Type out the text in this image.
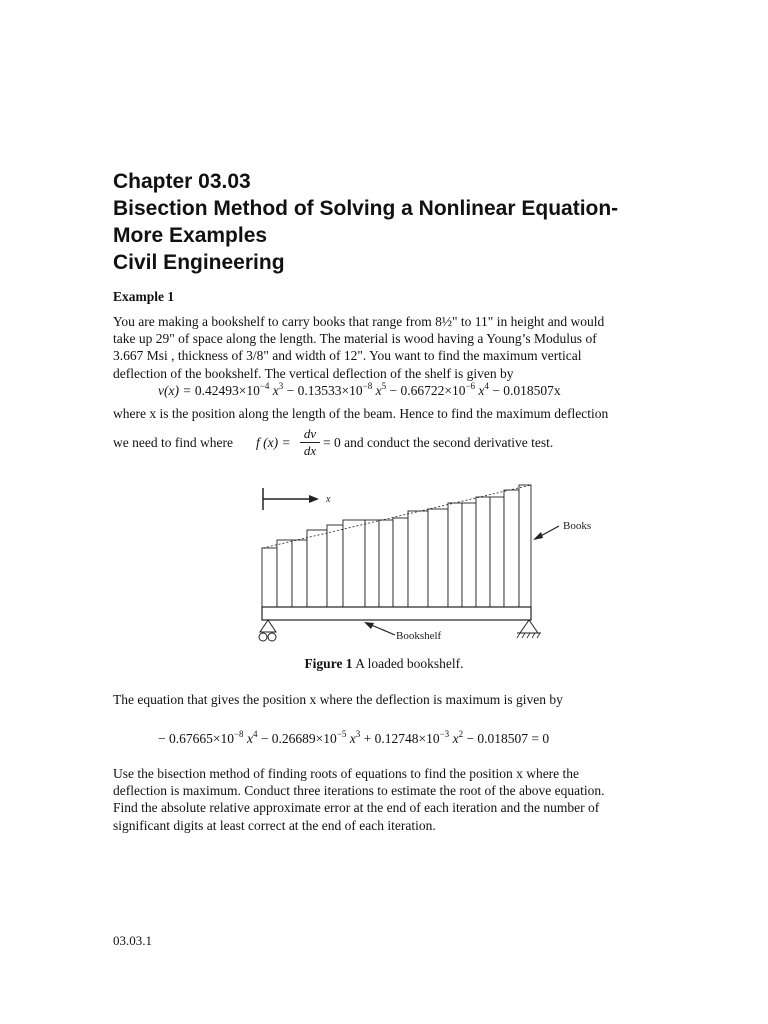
Chapter 03.03
Bisection Method of Solving a Nonlinear Equation-
More Examples
Civil Engineering
Example 1
You are making a bookshelf to carry books that range from 8½" to 11" in height and would
take up 29" of space along the length. The material is wood having a Young’s Modulus of
3.667 Msi , thickness of 3/8" and width of 12". You want to find the maximum vertical
deflection of the bookshelf. The vertical deflection of the shelf is given by
$v(x) = 0.42493\times 10^{-4}$ $x^3 - 0.13533\times 10^{-8}$ $x^5 - 0.66722\times 10^{-6}$ $x^4 - 0.018507x$
where x is the position along the length of the beam. Hence to find the maximum deflection
we need to find where f (x) =
dv
dx
= 0 and conduct the second derivative test.
x
Books
Bookshelf
Figure 1 A loaded bookshelf.
The equation that gives the position x where the deflection is maximum is given by
− $0.67665\times 10^{-8}$ $x^4 - 0.26689\times 10^{-5}$ $x^3 + 0.12748\times 10^{-3}$ $x^2 - 0.018507 = 0$
Use the bisection method of finding roots of equations to find the position x where the
deflection is maximum. Conduct three iterations to estimate the root of the above equation.
Find the absolute relative approximate error at the end of each iteration and the number of
significant digits at least correct at the end of each iteration.
03.03.1
